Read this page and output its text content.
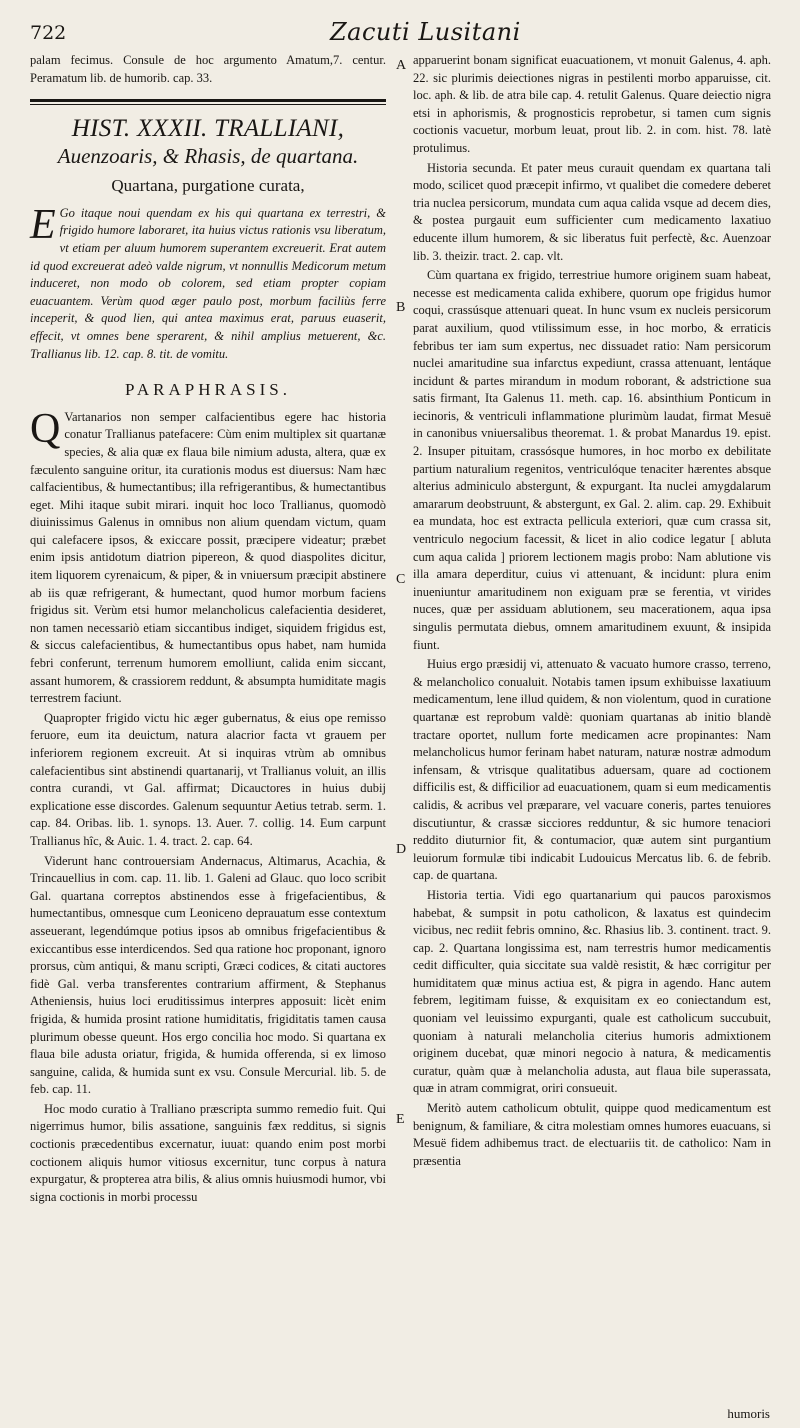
722	Zacuti Lusitani
A
B
C
D
E

palam fecimus. Consule de hoc argumento Amatum,7. centur. Peramatum lib. de humorib. cap. 33.

HIST. XXXII. TRALLIANI,
Auenzoaris, & Rhasis, de quartana.
Quartana, purgatione curata,

E Go itaque noui quendam ex his qui quartana ex terrestri, & frigido humore laboraret, ita huius victus rationis vsu liberatum, vt etiam per aluum humorem superantem excreuerit. Erat autem id quod excreuerat adeò valde nigrum, vt nonnullis Medicorum metum induceret, non modo ob colorem, sed etiam propter copiam euacuantem. Verùm quod æger paulo post, morbum faciliùs ferre inceperit, & quod lien, qui antea maximus erat, paruus euaserit, effecit, vt omnes bene sperarent, & nihil amplius metuerent, &c. Trallianus lib. 12. cap. 8. tit. de vomitu.

PARAPHRASIS.

Q Vartanarios non semper calfacientibus egere hac historia conatur Trallianus patefacere: Cùm enim multiplex sit quartanæ species, & alia quæ ex flaua bile nimium adusta, altera, quæ ex fæculento sanguine oritur, ita curationis modus est diuersus: Nam hæc calfacientibus, & humectantibus; illa refrigerantibus, & humectantibus eget. Mihi itaque subit mirari. inquit hoc loco Trallianus, quomodò diuinissimus Galenus in omnibus non alium quendam victum, quam qui calefacere ipsos, & exiccare possit, præcipere videatur; præbet enim ipsis antidotum diatrion pipereon, & quod diaspolites dicitur, item liquorem cyrenaicum, & piper, & in vniuersum præcipit abstinere ab iis quæ refrigerant, & humectant, quod humor morbum faciens frigidus sit. Verùm etsi humor melancholicus calefacientia desideret, non tamen necessariò etiam siccantibus indiget, siquidem frigidus est, & siccus calefacientibus, & humectantibus opus habet, nam humida febri conferunt, terrenum humorem emolliunt, calida enim siccant, assant humorem, & crassiorem reddunt, & absumpta humiditate magis terrestrem faciunt.

Quapropter frigido victu hic æger gubernatus, & eius ope remisso feruore, eum ita deuictum, natura alacrior facta vt grauem per inferiorem regionem excreuit. At si inquiras vtrùm ab omnibus calefacientibus sint abstinendi quartanarij, vt Trallianus voluit, an illis contra curandi, vt Gal. affirmat; Dicauctores in huius dubij explicatione esse discordes. Galenum sequuntur Aetius tetrab. serm. 1. cap. 84. Oribas. lib. 1. synops. 13. Auer. 7. collig. 14. Eum carpunt Trallianus hîc, & Auic. 1. 4. tract. 2. cap. 64.

Viderunt hanc controuersiam Andernacus, Altimarus, Acachia, & Trincauellius in com. cap. 11. lib. 1. Galeni ad Glauc. quo loco scribit Gal. quartana correptos abstinendos esse à frigefacientibus, & humectantibus, omnesque cum Leoniceno deprauatum esse contextum asseuerant, legendúmque potius ipsos ab omnibus frigefacientibus & exiccantibus esse interdicendos. Sed qua ratione hoc proponant, ignoro prorsus, cùm antiqui, & manu scripti, Græci codices, & citati auctores fidè Gal. verba transferentes contrarium affirment, & Stephanus Atheniensis, huius loci eruditissimus interpres apposuit: licèt enim frigida, & humida prosint ratione humiditatis, frigiditatis tamen causa plurimum obesse queunt. Hos ergo concilia hoc modo. Si quartana ex flaua bile adusta oriatur, frigida, & humida offerenda, si ex limoso sanguine, calida, & humida sunt ex vsu. Consule Mercurial. lib. 5. de feb. cap. 11.

Hoc modo curatio à Tralliano præscripta summo remedio fuit. Qui nigerrimus humor, bilis assatione, sanguinis fæx redditus, si signis coctionis præcedentibus excernatur, iuuat: quando enim post morbi coctionem aliquis humor vitiosus excernitur, tunc corpus à natura expurgatur, & propterea atra bilis, & alius omnis huiusmodi humor, vbi signa coctionis in morbi processu

apparuerint bonam significat euacuationem, vt monuit Galenus, 4. aph. 22. sic plurimis deiectiones nigras in pestilenti morbo apparuisse, cit. loc. aph. & lib. de atra bile cap. 4. retulit Galenus. Quare deiectio nigra etsi in aphorismis, & prognosticis reprobetur, si tamen cum signis coctionis vacuetur, morbum leuat, prout lib. 2. in com. hist. 78. latè protulimus.

Historia secunda. Et pater meus curauit quendam ex quartana tali modo, scilicet quod præcepit infirmo, vt qualibet die comedere deberet tria nuclea persicorum, mundata cum aqua calida vsque ad decem dies, & postea purgauit eum sufficienter cum medicamento laxatiuo educente illum humorem, & sic liberatus fuit perfectè, &c. Auenzoar lib. 3. theizir. tract. 2. cap. vlt.

Cùm quartana ex frigido, terrestriue humore originem suam habeat, necesse est medicamenta calida exhibere, quorum ope frigidus humor coqui, crassúsque attenuari queat. In hunc vsum ex nucleis persicorum parat auxilium, quod vtilissimum esse, in hoc morbo, & erraticis febribus ter iam sum expertus, nec dissuadet ratio: Nam persicorum nuclei amaritudine sua infarctus expediunt, crassa attenuant, lentáque incidunt & partes mirandum in modum roborant, & adstrictione sua satis firmant, Ita Galenus 11. meth. cap. 16. absinthium Ponticum in iecinoris, & ventriculi inflammatione plurimùm laudat, firmat Mesuë in canonibus vniuersalibus theoremat. 1. & probat Manardus 19. epist. 2. Insuper pituitam, crassósque humores, in hoc morbo ex debilitate partium naturalium regenitos, ventriculóque tenaciter hærentes absque alterius adminiculo abstergunt, & expurgant. Ita nuclei amygdalarum amararum deobstruunt, & abstergunt, ex Gal. 2. alim. cap. 29. Exhibuit ea mundata, hoc est extracta pellicula exteriori, quæ cum crassa sit, ventriculo negocium facessit, & licet in alio codice legatur [ abluta cum aqua calida ] priorem lectionem magis probo: Nam ablutione vis illa amara deperditur, cuius vi attenuant, & incidunt: plura enim inueniuntur amaritudinem non exiguam præ se ferentia, vt virides nuces, quæ per assiduam ablutionem, seu macerationem, aqua ipsa singulis permutata diebus, omnem amaritudinem exuunt, & insipida fiunt.

Huius ergo præsidij vi, attenuato & vacuato humore crasso, terreno, & melancholico conualuit. Notabis tamen ipsum exhibuisse laxatiuum medicamentum, lene illud quidem, & non violentum, quod in curatione quartanæ est reprobum valdè: quoniam quartanas ab initio blandè tractare oportet, nullum forte medicamen acre propinantes: Nam melancholicus humor ferinam habet naturam, naturæ nostræ admodum infensam, & vtrisque qualitatibus aduersam, quare ad coctionem difficilis est, & difficilior ad euacuationem, quam si eum medicamentis calidis, & acribus vel præparare, vel vacuare coneris, partes tenuiores discutiuntur, & crassæ sicciores redduntur, & sic humore tenaciori reddito diuturnior fit, & contumacior, quæ autem sint purgantium leuiorum formulæ tibi indicabit Ludouicus Mercatus lib. 6. de febrib. cap. de quartana.

Historia tertia. Vidi ego quartanarium qui paucos paroxismos habebat, & sumpsit in potu catholicon, & laxatus est quindecim vicibus, nec rediit febris omnino, &c. Rhasius lib. 3. continent. tract. 9. cap. 2. Quartana longissima est, nam terrestris humor medicamentis cedit difficulter, quia siccitate sua valdè resistit, & hæc corrigitur per humiditatem quæ minus actiua est, & pigra in agendo. Hanc autem febrem, legitimam fuisse, & exquisitam ex eo coniectandum est, quoniam vel leuissimo expurganti, quale est catholicum succubuit, quoniam à naturali melancholia citerius humoris admixtionem originem ducebat, quæ minori negocio à natura, & medicamentis curatur, quàm quæ à melancholia adusta, aut flaua bile superassata, quæ in atram commigrat, oriri consueuit.

Meritò autem catholicum obtulit, quippe quod medicamentum est benignum, & familiare, & citra molestiam omnes humores euacuans, si Mesuë fidem adhibemus tract. de electuariis tit. de catholico: Nam in præsentia

humoris
